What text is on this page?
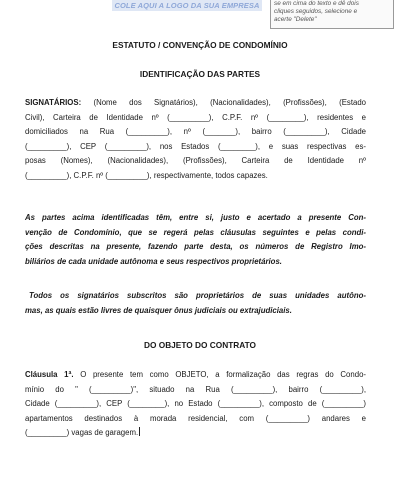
COLE AQUI A LOGO DA SUA EMPRESA se em cima do texto e dê dois
cliques seguidos, selecione e
acerte "Delete"
ESTATUTO / CONVENÇÃO DE CONDOMÍNIO
IDENTIFICAÇÃO DAS PARTES
SIGNATÁRIOS: (Nome dos Signatários), (Nacionalidades), (Profissões), (Estado
Civil), Carteira de Identidade nº (_________), C.P.F. nº (________), residentes e
domiciliados na Rua (_________), nº (_______), bairro (_________), Cidade
(_________), CEP (_________), nos Estados (________), e suas respectivas es-
posas (Nomes), (Nacionalidades), (Profissões), Carteira de Identidade nº
(_________), C.P.F. nº (_________), respectivamente, todos capazes.
As partes acima identificadas têm, entre si, justo e acertado a presente Con-
venção de Condomínio, que se regerá pelas cláusulas seguintes e pelas condi-
ções descritas na presente, fazendo parte desta, os números de Registro Imo-
biliários de cada unidade autônoma e seus respectivos proprietários.
Todos os signatários subscritos são proprietários de suas unidades autôno-
mas, as quais estão livres de quaisquer ônus judiciais ou extrajudiciais.
DO OBJETO DO CONTRATO
Cláusula 1ª. O presente tem como OBJETO, a formalização das regras do Condo-
mínio do " (_________)", situado na Rua (_________), bairro (_________),
Cidade (_________), CEP (________), no Estado (_________), composto de (_________)
apartamentos destinados à morada residencial, com (_________) andares e
(_________) vagas de garagem.
